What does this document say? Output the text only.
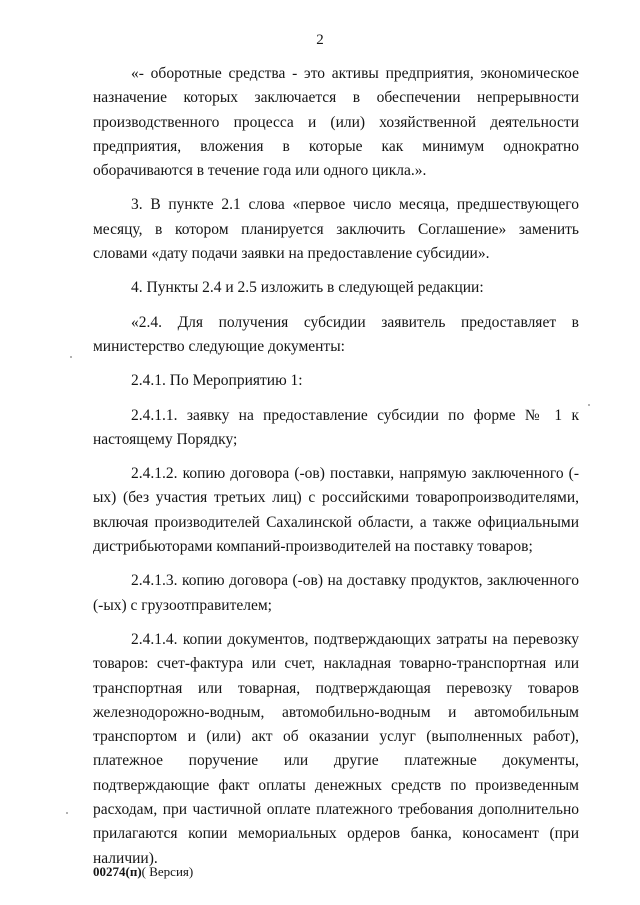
2

«- оборотные средства - это активы предприятия, экономическое назначение которых заключается в обеспечении непрерывности производственного процесса и (или) хозяйственной деятельности предприятия, вложения в которые как минимум однократно оборачиваются в течение года или одного цикла.».

3. В пункте 2.1 слова «первое число месяца, предшествующего месяцу, в котором планируется заключить Соглашение» заменить словами «дату подачи заявки на предоставление субсидии».

4. Пункты 2.4 и 2.5 изложить в следующей редакции:

«2.4. Для получения субсидии заявитель предоставляет в министерство следующие документы:

2.4.1. По Мероприятию 1:

2.4.1.1. заявку на предоставление субсидии по форме № 1 к настоящему Порядку;

2.4.1.2. копию договора (-ов) поставки, напрямую заключенного (-ых) (без участия третьих лиц) с российскими товаропроизводителями, включая производителей Сахалинской области, а также официальными дистрибьюторами компаний-производителей на поставку товаров;

2.4.1.3. копию договора (-ов) на доставку продуктов, заключенного (-ых) с грузоотправителем;

2.4.1.4. копии документов, подтверждающих затраты на перевозку товаров: счет-фактура или счет, накладная товарно-транспортная или транспортная или товарная, подтверждающая перевозку товаров железнодорожно-водным, автомобильно-водным и автомобильным транспортом и (или) акт об оказании услуг (выполненных работ), платежное поручение или другие платежные документы, подтверждающие факт оплаты денежных средств по произведенным расходам, при частичной оплате платежного требования дополнительно прилагаются копии мемориальных ордеров банка, коносамент (при наличии).

00274(п)( Версия)
